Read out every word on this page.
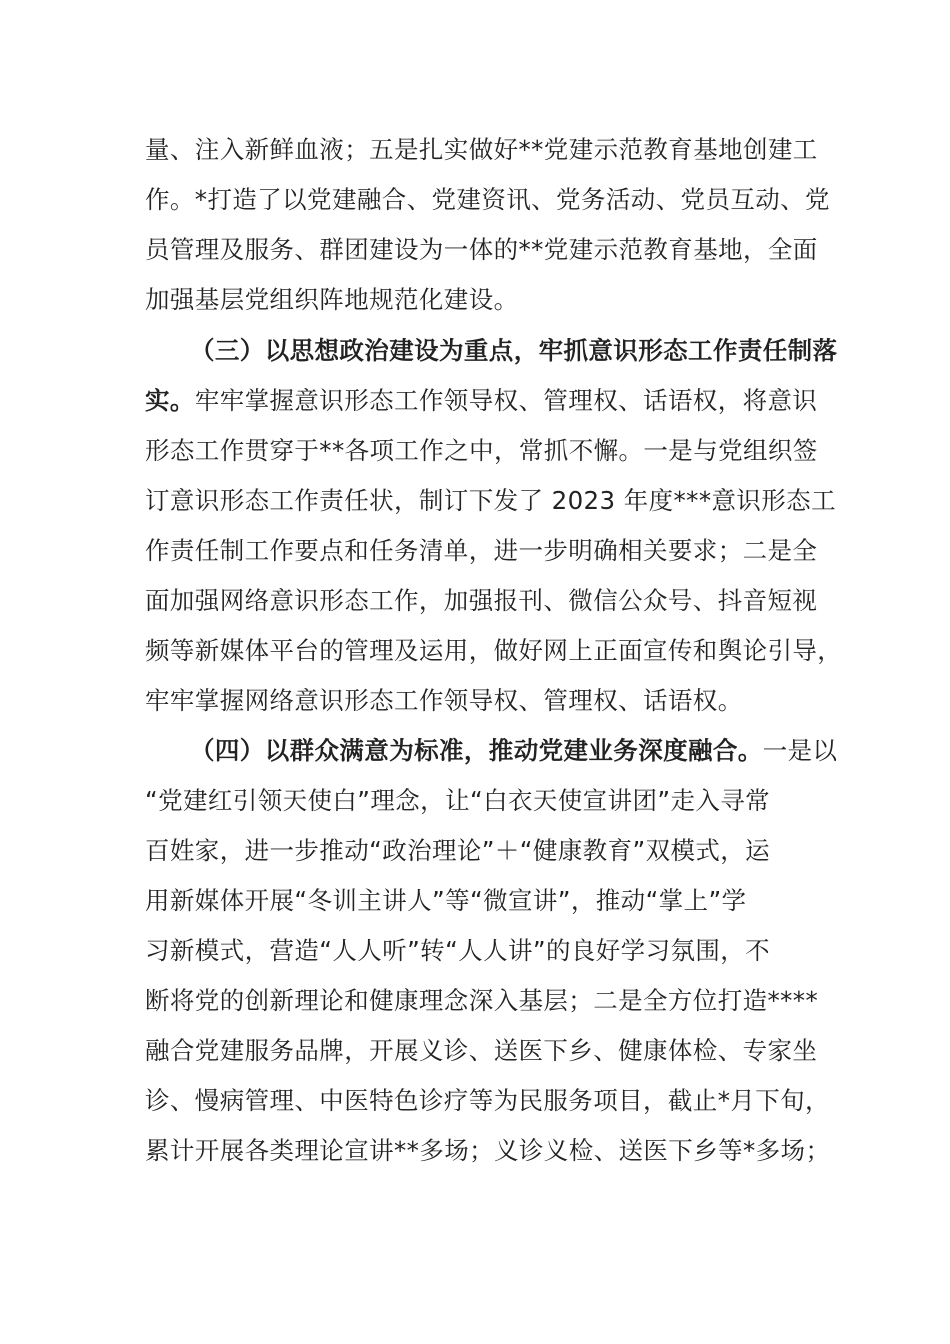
量、注入新鲜血液；五是扎实做好**党建示范教育基地创建工
作。*打造了以党建融合、党建资讯、党务活动、党员互动、党
员管理及服务、群团建设为一体的**党建示范教育基地，全面
加强基层党组织阵地规范化建设。
（三）以思想政治建设为重点，牢抓意识形态工作责任制落
实。牢牢掌握意识形态工作领导权、管理权、话语权，将意识
形态工作贯穿于**各项工作之中，常抓不懈。一是与党组织签
订意识形态工作责任状，制订下发了 2023 年度***意识形态工
作责任制工作要点和任务清单，进一步明确相关要求；二是全
面加强网络意识形态工作，加强报刊、微信公众号、抖音短视
频等新媒体平台的管理及运用，做好网上正面宣传和舆论引导，
牢牢掌握网络意识形态工作领导权、管理权、话语权。
（四）以群众满意为标准，推动党建业务深度融合。一是以
“党建红引领天使白”理念，让“白衣天使宣讲团”走入寻常
百姓家，进一步推动“政治理论”＋“健康教育”双模式，运
用新媒体开展“冬训主讲人”等“微宣讲”，推动“掌上”学
习新模式，营造“人人听”转“人人讲”的良好学习氛围，不
断将党的创新理论和健康理念深入基层；二是全方位打造****
融合党建服务品牌，开展义诊、送医下乡、健康体检、专家坐
诊、慢病管理、中医特色诊疗等为民服务项目，截止*月下旬，
累计开展各类理论宣讲**多场；义诊义检、送医下乡等*多场；
